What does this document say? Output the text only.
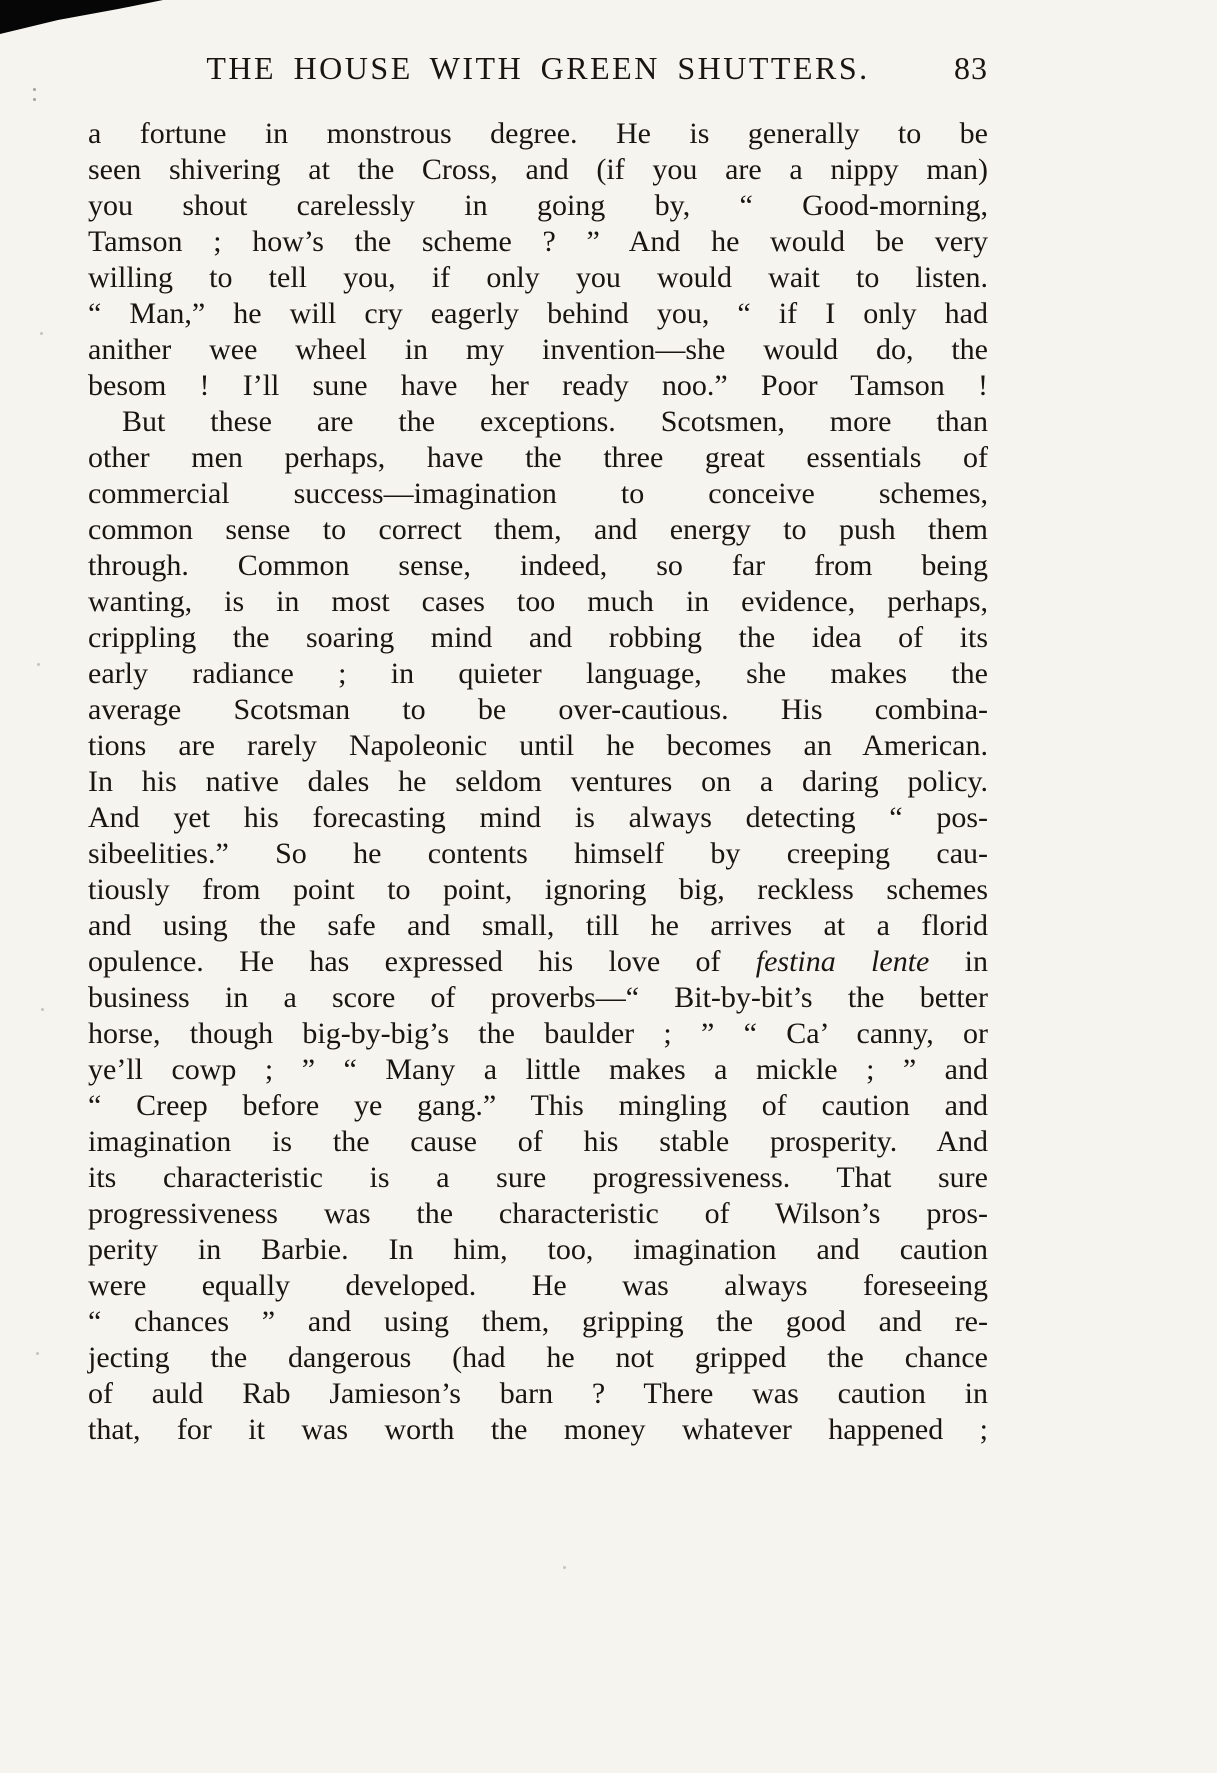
THE HOUSE WITH GREEN SHUTTERS.	83
a fortune in monstrous degree. He is generally to be
seen shivering at the Cross, and (if you are a nippy man)
you shout carelessly in going by, “ Good-morning,
Tamson ; how’s the scheme ? ” And he would be very
willing to tell you, if only you would wait to listen.
“ Man,” he will cry eagerly behind you, “ if I only had
anither wee wheel in my invention—she would do, the
besom ! I’ll sune have her ready noo.” Poor Tamson !
But these are the exceptions. Scotsmen, more than
other men perhaps, have the three great essentials of
commercial success—imagination to conceive schemes,
common sense to correct them, and energy to push them
through. Common sense, indeed, so far from being
wanting, is in most cases too much in evidence, perhaps,
crippling the soaring mind and robbing the idea of its
early radiance ; in quieter language, she makes the
average Scotsman to be over-cautious. His combina-
tions are rarely Napoleonic until he becomes an American.
In his native dales he seldom ventures on a daring policy.
And yet his forecasting mind is always detecting “ pos-
sibeelities.” So he contents himself by creeping cau-
tiously from point to point, ignoring big, reckless schemes
and using the safe and small, till he arrives at a florid
opulence. He has expressed his love of festina lente in
business in a score of proverbs—“ Bit-by-bit’s the better
horse, though big-by-big’s the baulder ; ” “ Ca’ canny, or
ye’ll cowp ; ” “ Many a little makes a mickle ; ” and
“ Creep before ye gang.” This mingling of caution and
imagination is the cause of his stable prosperity. And
its characteristic is a sure progressiveness. That sure
progressiveness was the characteristic of Wilson’s pros-
perity in Barbie. In him, too, imagination and caution
were equally developed. He was always foreseeing
“ chances ” and using them, gripping the good and re-
jecting the dangerous (had he not gripped the chance
of auld Rab Jamieson’s barn ? There was caution in
that, for it was worth the money whatever happened ;
